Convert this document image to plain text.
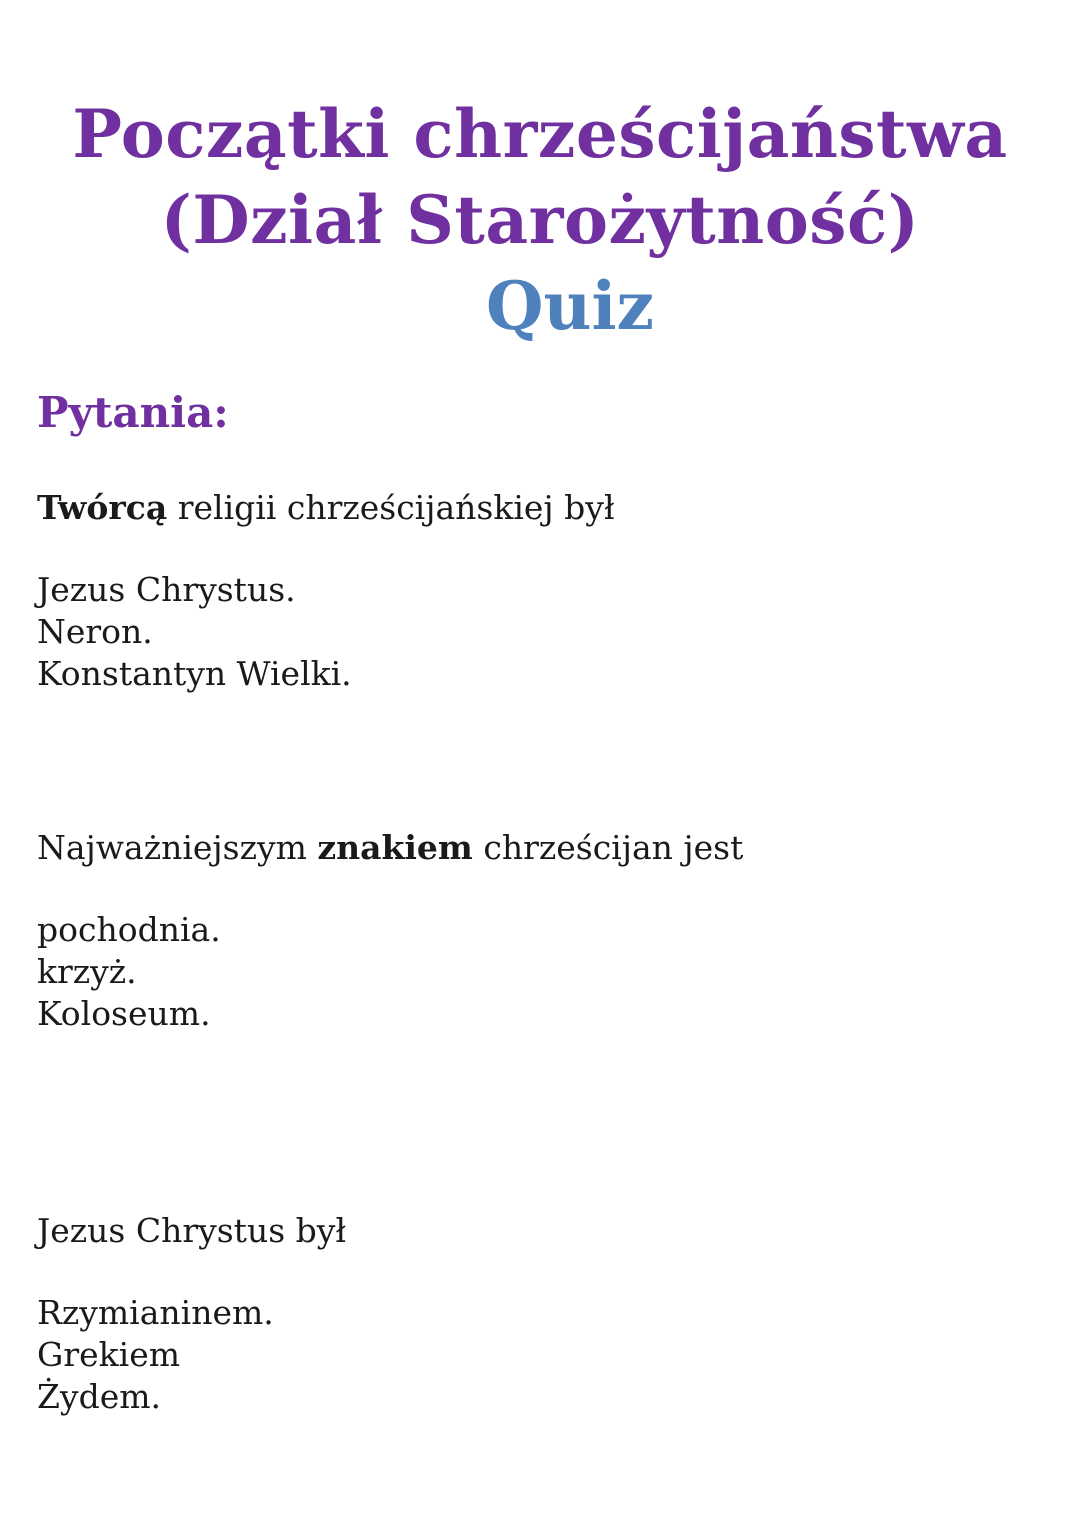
Początki chrześcijaństwa
(Dział Starożytność)
Quiz
Pytania:

Twórcą religii chrześcijańskiej był

Jezus Chrystus.
Neron.
Konstantyn Wielki.

Najważniejszym znakiem chrześcijan jest

pochodnia.
krzyż.
Koloseum.

Jezus Chrystus był

Rzymianinem.
Grekiem
Żydem.
